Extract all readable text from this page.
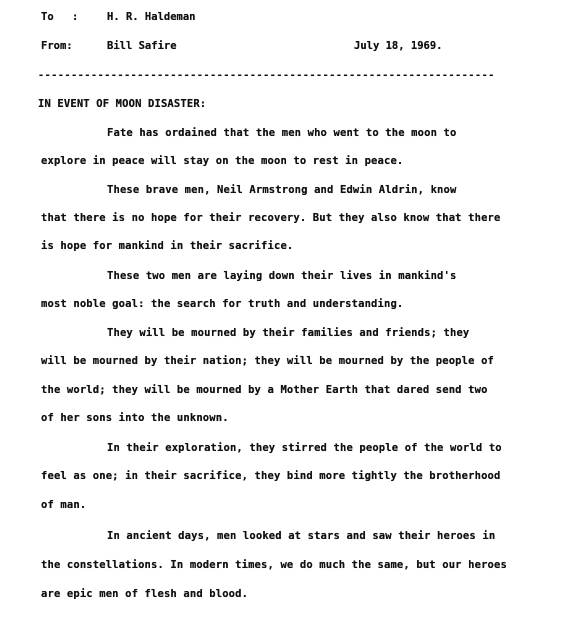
To :	H. R. Haldeman
From:	Bill Safire	July 18, 1969.
---------------------------------------------------------------------
IN EVENT OF MOON DISASTER:
Fate has ordained that the men who went to the moon to
explore in peace will stay on the moon to rest in peace.
These brave men, Neil Armstrong and Edwin Aldrin, know
that there is no hope for their recovery. But they also know that there
is hope for mankind in their sacrifice.
These two men are laying down their lives in mankind's
most noble goal: the search for truth and understanding.
They will be mourned by their families and friends; they
will be mourned by their nation; they will be mourned by the people of
the world; they will be mourned by a Mother Earth that dared send two
of her sons into the unknown.
In their exploration, they stirred the people of the world to
feel as one; in their sacrifice, they bind more tightly the brotherhood
of man.
In ancient days, men looked at stars and saw their heroes in
the constellations. In modern times, we do much the same, but our heroes
are epic men of flesh and blood.
